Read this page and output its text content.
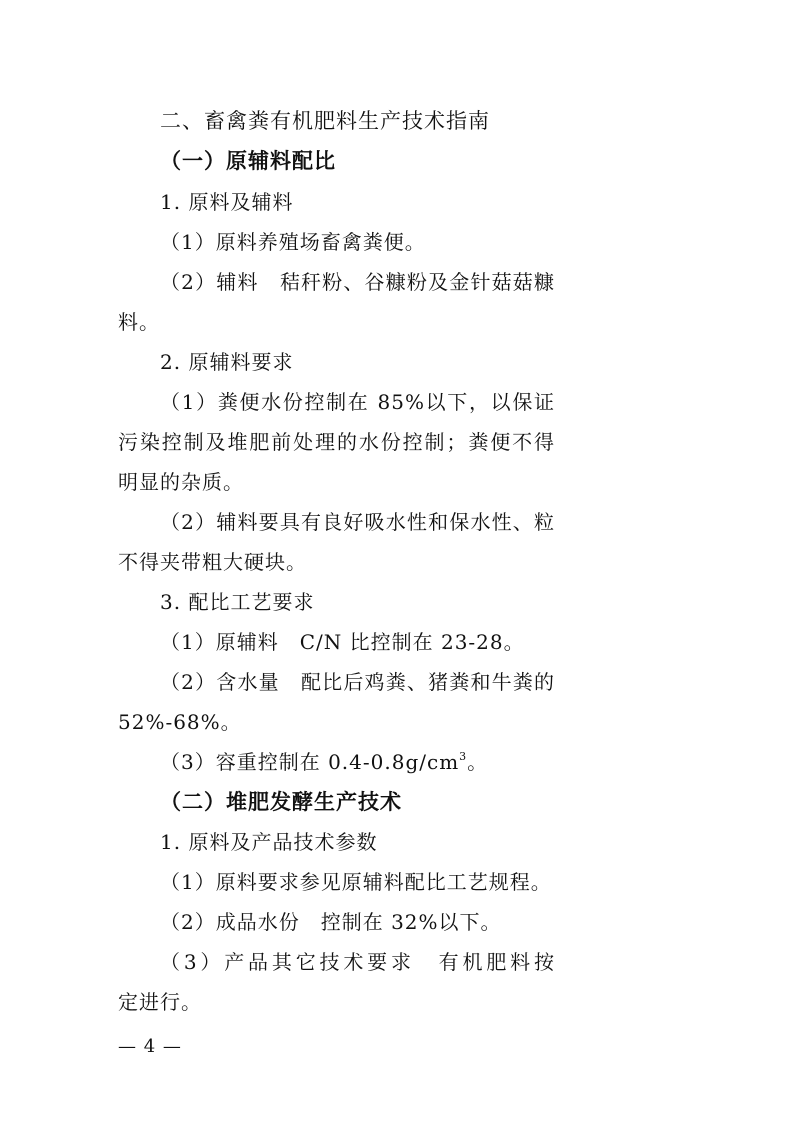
二、畜禽粪有机肥料生产技术指南
（一）原辅料配比
1. 原料及辅料
（1）原料养殖场畜禽粪便。
（2）辅料　秸秆粉、谷糠粉及金针菇菇糠
料。
2. 原辅料要求
（1）粪便水份控制在 85%以下，以保证
污染控制及堆肥前处理的水份控制；粪便不得
明显的杂质。
（2）辅料要具有良好吸水性和保水性、粒
不得夹带粗大硬块。
3. 配比工艺要求
（1）原辅料　C/N 比控制在 23-28。
（2）含水量　配比后鸡粪、猪粪和牛粪的
52%-68%。
（3）容重控制在 $0.4-0.8g/cm^3$。
（二）堆肥发酵生产技术
1. 原料及产品技术参数
（1）原料要求参见原辅料配比工艺规程。
（2）成品水份　控制在 32%以下。
（3）产品其它技术要求　有机肥料按
定进行。
— 4 —
